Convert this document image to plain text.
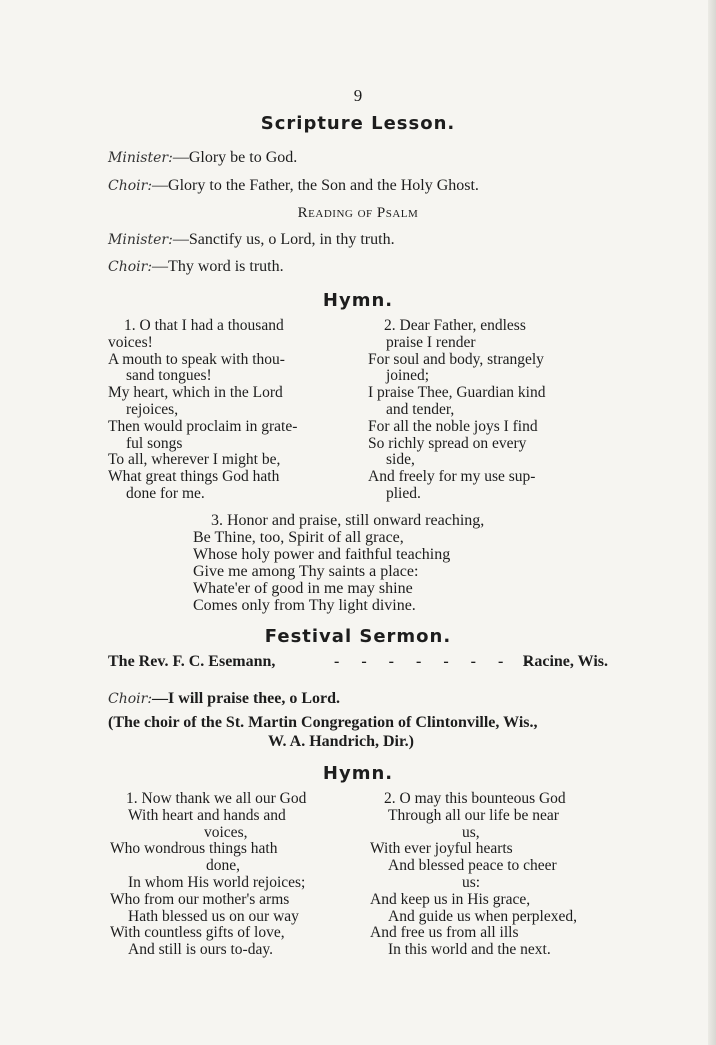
9
Scripture Lesson.
Minister:—Glory be to God.
Choir:—Glory to the Father, the Son and the Holy Ghost.
Reading of Psalm
Minister:—Sanctify us, o Lord, in thy truth.
Choir:—Thy word is truth.
Hymn.
1. O that I had a thousand
voices!
A mouth to speak with thou-
sand tongues!
My heart, which in the Lord
rejoices,
Then would proclaim in grate-
ful songs
To all, wherever I might be,
What great things God hath
done for me.
2. Dear Father, endless
praise I render
For soul and body, strangely
joined;
I praise Thee, Guardian kind
and tender,
For all the noble joys I find
So richly spread on every
side,
And freely for my use sup-
plied.
3. Honor and praise, still onward reaching,
Be Thine, too, Spirit of all grace,
Whose holy power and faithful teaching
Give me among Thy saints a place:
Whate'er of good in me may shine
Comes only from Thy light divine.
Festival Sermon.
The Rev. F. C. Esemann,	- - - - - - - -
Racine, Wis.
Choir:—I will praise thee, o Lord.
(The choir of the St. Martin Congregation of Clintonville, Wis.,
W. A. Handrich, Dir.)
Hymn.
1. Now thank we all our God
With heart and hands and
voices,
Who wondrous things hath
done,
In whom His world rejoices;
Who from our mother's arms
Hath blessed us on our way
With countless gifts of love,
And still is ours to-day.
2. O may this bounteous God
Through all our life be near
us,
With ever joyful hearts
And blessed peace to cheer
us:
And keep us in His grace,
And guide us when perplexed,
And free us from all ills
In this world and the next.
